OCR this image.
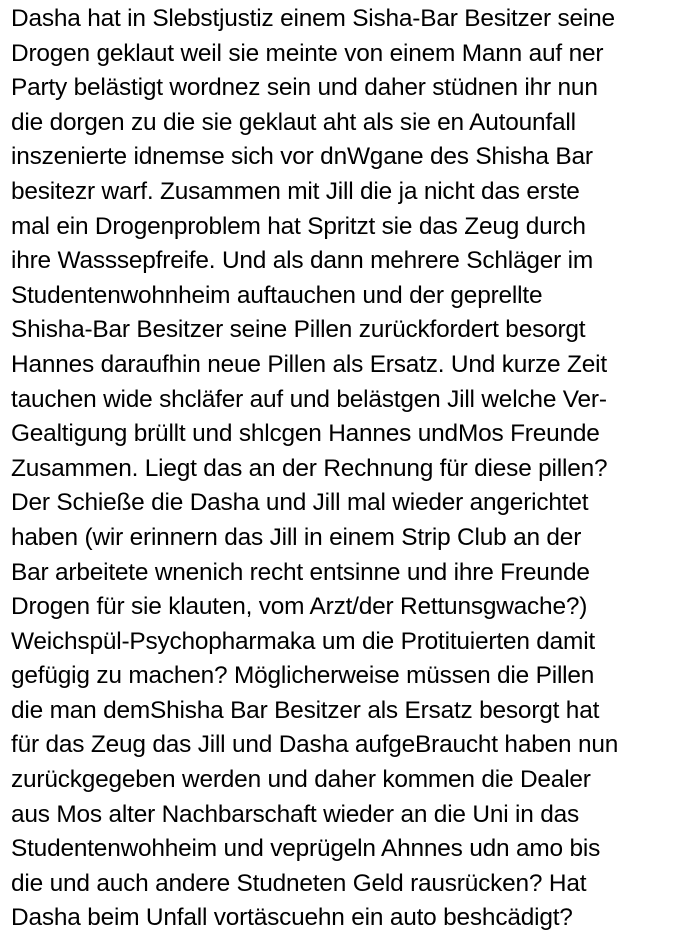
Dasha hat in Slebstjustiz einem Sisha-Bar Besitzer seine
Drogen geklaut weil sie meinte von einem Mann auf ner
Party belästigt wordnez sein und daher stüdnen ihr nun
die dorgen zu die sie geklaut aht als sie en Autounfall
inszenierte idnemse sich vor dnWgane des Shisha Bar
besitezr warf. Zusammen mit Jill die ja nicht das erste
mal ein Drogenproblem hat Spritzt sie das Zeug durch
ihre Wasssepfreife. Und als dann mehrere Schläger im
Studentenwohnheim auftauchen und der geprellte
Shisha-Bar Besitzer seine Pillen zurückfordert besorgt
Hannes daraufhin neue Pillen als Ersatz. Und kurze Zeit
tauchen wide shcläfer auf und belästgen Jill welche Ver-
Gealtigung brüllt und shlcgen Hannes undMos Freunde
Zusammen. Liegt das an der Rechnung für diese pillen?
Der Schieße die Dasha und Jill mal wieder angerichtet
haben (wir erinnern das Jill in einem Strip Club an der
Bar arbeitete wnenich recht entsinne und ihre Freunde
Drogen für sie klauten, vom Arzt/der Rettunsgwache?)
Weichspül-Psychopharmaka um die Protituierten damit
gefügig zu machen? Möglicherweise müssen die Pillen
die man demShisha Bar Besitzer als Ersatz besorgt hat
für das Zeug das Jill und Dasha aufgeBraucht haben nun
zurückgegeben werden und daher kommen die Dealer
aus Mos alter Nachbarschaft wieder an die Uni in das
Studentenwohheim und veprügeln Ahnnes udn amo bis
die und auch andere Studneten Geld rausrücken? Hat
Dasha beim Unfall vortäscuehn ein auto beshcädigt?
